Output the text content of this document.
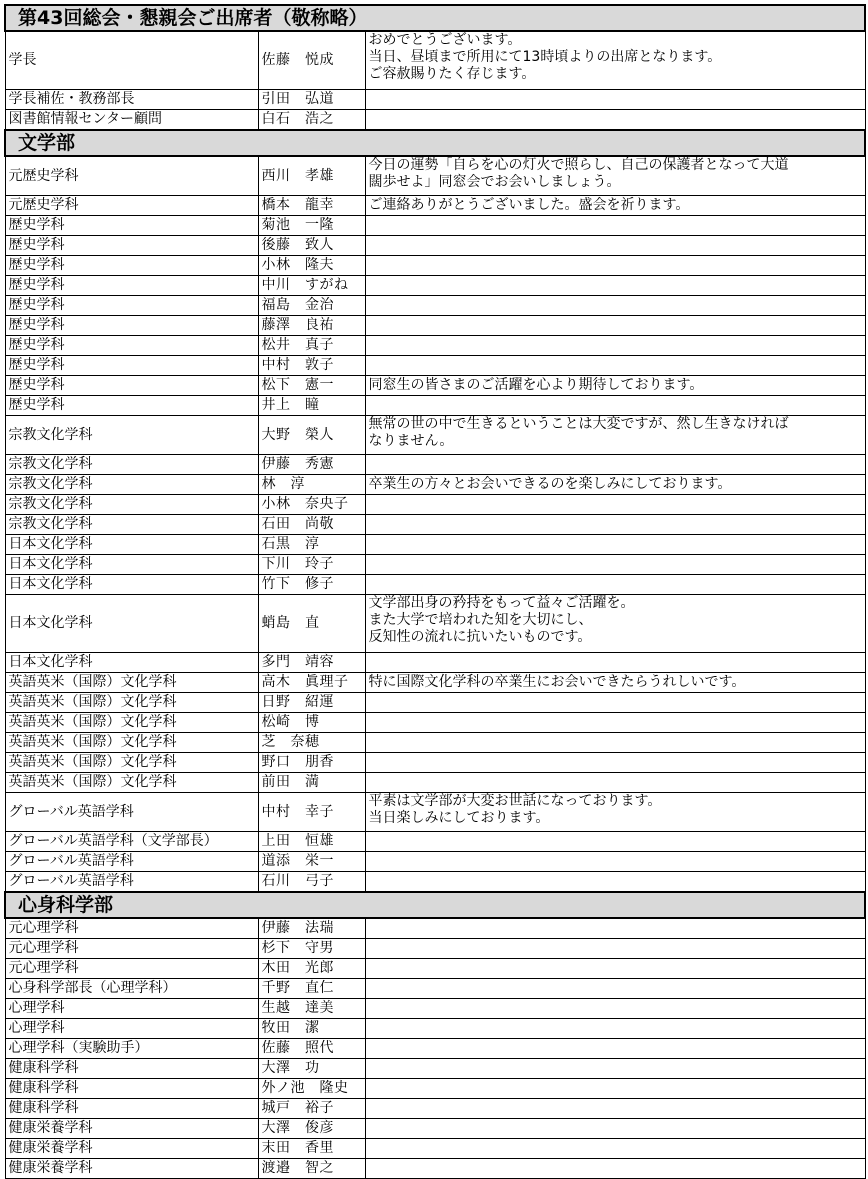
第43回総会・懇親会ご出席者（敬称略）		
学長	佐藤　悦成	おめでとうございます。
当日、昼頃まで所用にて13時頃よりの出席となります。
ご容赦賜りたく存じます。
学長補佐・教務部長	引田　弘道	
図書館情報センター顧問	白石　浩之	
文学部		
元歴史学科	西川　孝雄	今日の運勢「自らを心の灯火で照らし、自己の保護者となって大道
闊歩せよ」同窓会でお会いしましょう。
元歴史学科	橋本　龍幸	ご連絡ありがとうございました。盛会を祈ります。
歴史学科	菊池　一隆	
歴史学科	後藤　致人	
歴史学科	小林　隆夫	
歴史学科	中川　すがね	
歴史学科	福島　金治	
歴史学科	藤澤　良祐	
歴史学科	松井　真子	
歴史学科	中村　敦子	
歴史学科	松下　憲一	同窓生の皆さまのご活躍を心より期待しております。
歴史学科	井上　瞳	
宗教文化学科	大野　榮人	無常の世の中で生きるということは大変ですが、然し生きなければ
なりません。
宗教文化学科	伊藤　秀憲	
宗教文化学科	林　淳	卒業生の方々とお会いできるのを楽しみにしております。
宗教文化学科	小林　奈央子	
宗教文化学科	石田　尚敬	
日本文化学科	石黒　淳	
日本文化学科	下川　玲子	
日本文化学科	竹下　修子	
日本文化学科	蛸島　直	文学部出身の矜持をもって益々ご活躍を。
また大学で培われた知を大切にし、
反知性の流れに抗いたいものです。
日本文化学科	多門　靖容	
英語英米（国際）文化学科	高木　眞理子	特に国際文化学科の卒業生にお会いできたらうれしいです。
英語英米（国際）文化学科	日野　紹運	
英語英米（国際）文化学科	松崎　博	
英語英米（国際）文化学科	芝　奈穂	
英語英米（国際）文化学科	野口　朋香	
英語英米（国際）文化学科	前田　満	
グローバル英語学科	中村　幸子	平素は文学部が大変お世話になっております。
当日楽しみにしております。
グローバル英語学科（文学部長）	上田　恒雄	
グローバル英語学科	道添　栄一	
グローバル英語学科	石川　弓子	
心身科学部		
元心理学科	伊藤　法瑞	
元心理学科	杉下　守男	
元心理学科	木田　光郎	
心身科学部長（心理学科）	千野　直仁	
心理学科	生越　達美	
心理学科	牧田　潔	
心理学科（実験助手）	佐藤　照代	
健康科学科	大澤　功	
健康科学科	外ノ池　隆史	
健康科学科	城戸　裕子	
健康栄養学科	大澤　俊彦	
健康栄養学科	末田　香里	
健康栄養学科	渡邉　智之	
